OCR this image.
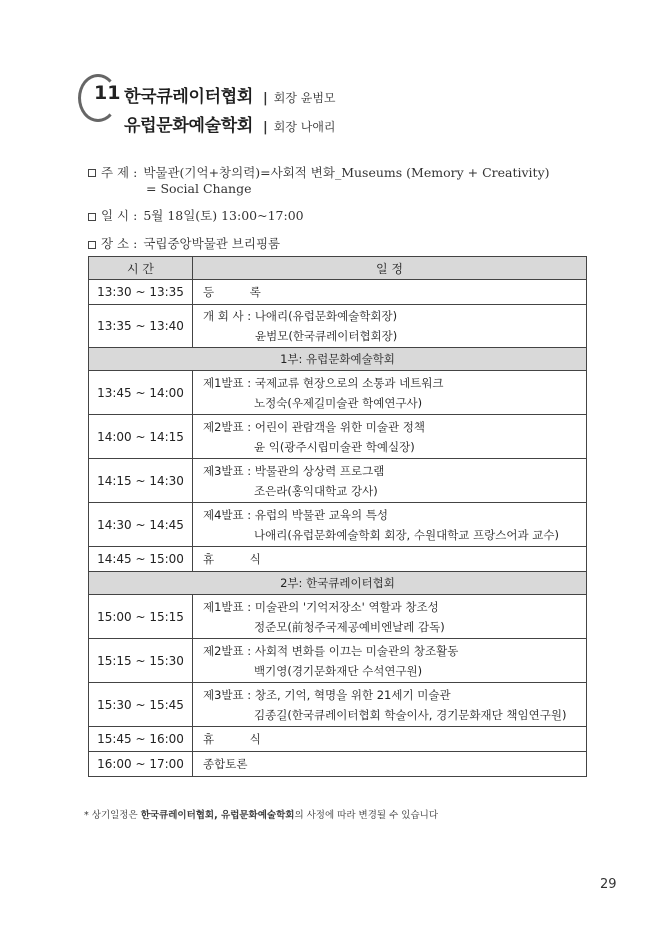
11 한국큐레이터협회 | 회장 윤범모
유럽문화예술학회 | 회장 나애리
주 제 : 박물관(기억+창의력)=사회적 변화_Museums (Memory + Creativity)
= Social Change
일 시 : 5월 18일(토) 13:00~17:00
장 소 : 국립중앙박물관 브리핑룸
시 간	일 정
13:30 ~ 13:35	등 록
13:35 ~ 13:40	개 회 사 : 나애리(유럽문화예술학회장)
윤범모(한국큐레이터협회장)

1부: 유럽문화예술학회	
13:45 ~ 14:00	제1발표 : 국제교류 현장으로의 소통과 네트워크
노정숙(우제길미술관 학예연구사)

14:00 ~ 14:15	제2발표 : 어린이 관람객을 위한 미술관 정책
윤 익(광주시립미술관 학예실장)

14:15 ~ 14:30	제3발표 : 박물관의 상상력 프로그램
조은라(홍익대학교 강사)

14:30 ~ 14:45	제4발표 : 유럽의 박물관 교육의 특성
나애리(유럽문화예술학회 회장, 수원대학교 프랑스어과 교수)

14:45 ~ 15:00	휴 식
2부: 한국큐레이터협회	
15:00 ~ 15:15	제1발표 : 미술관의 '기억저장소' 역할과 창조성
정준모(前청주국제공예비엔날레 감독)

15:15 ~ 15:30	제2발표 : 사회적 변화를 이끄는 미술관의 창조활동
백기영(경기문화재단 수석연구원)

15:30 ~ 15:45	제3발표 : 창조, 기억, 혁명을 위한 21세기 미술관
김종길(한국큐레이터협회 학술이사, 경기문화재단 책임연구원)

15:45 ~ 16:00	휴 식
16:00 ~ 17:00	종합토론
* 상기일정은 한국큐레이터협회, 유럽문화예술학회의 사정에 따라 변경될 수 있습니다
29
